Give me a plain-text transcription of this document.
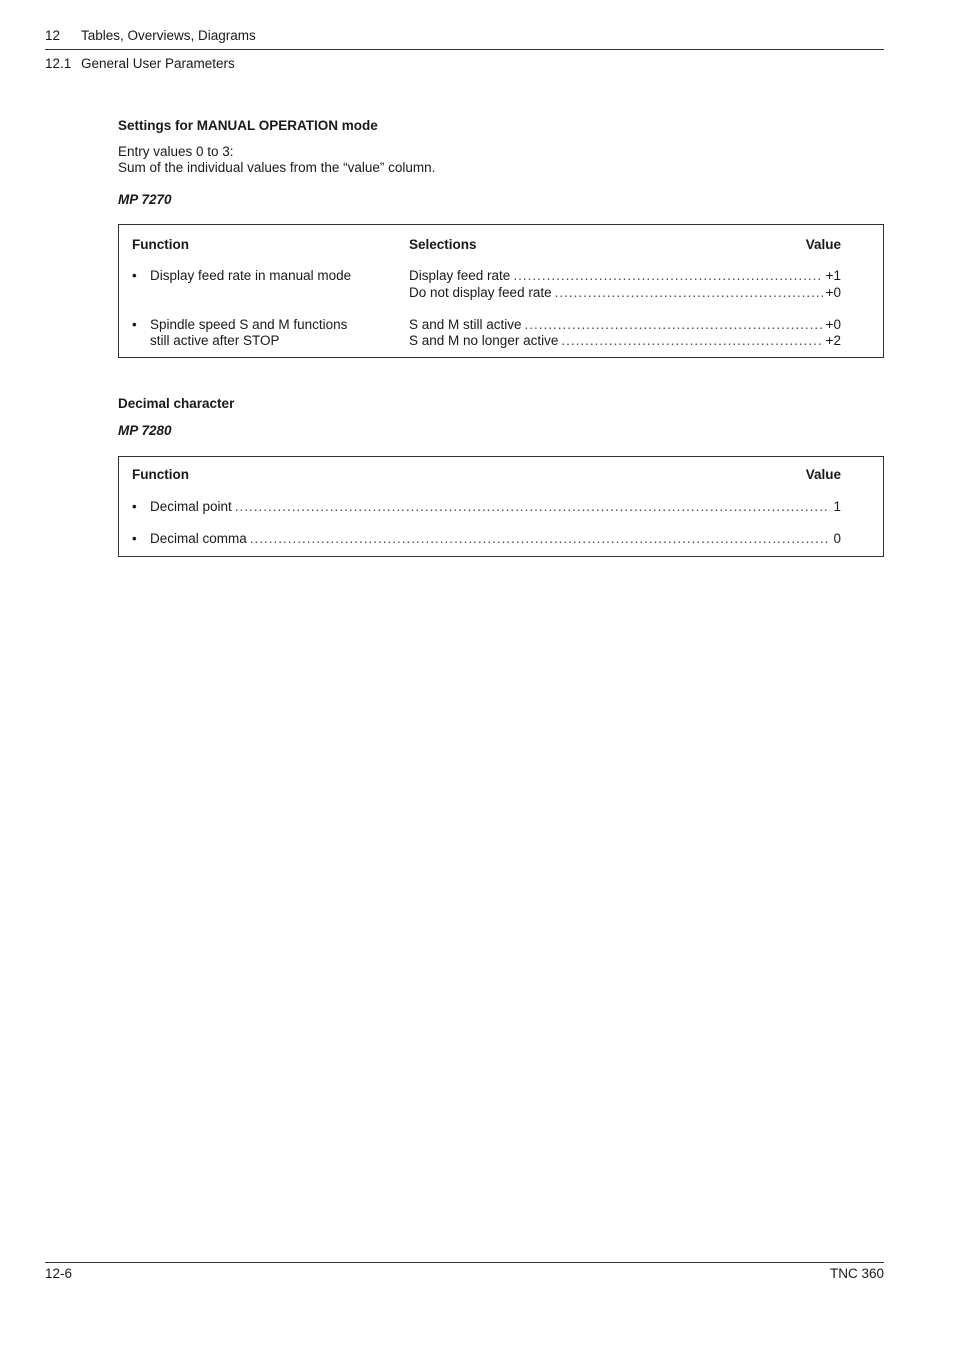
12 Tables, Overviews, Diagrams
12.1 General User Parameters
Settings for MANUAL OPERATION mode
Entry values 0 to 3:
Sum of the individual values from the “value” column.
MP 7270
Function	Selections	Value
• Display feed rate in manual mode	Display feed rate .....	+1
Do not display feed rate .....	+0
• Spindle speed S and M functions
still active after STOP
S and M still active .....	+0
S and M no longer active .....	+2
Decimal character
MP 7280
Function	Value
• Decimal point .....	1
• Decimal comma .....	0
12-6	TNC 360
